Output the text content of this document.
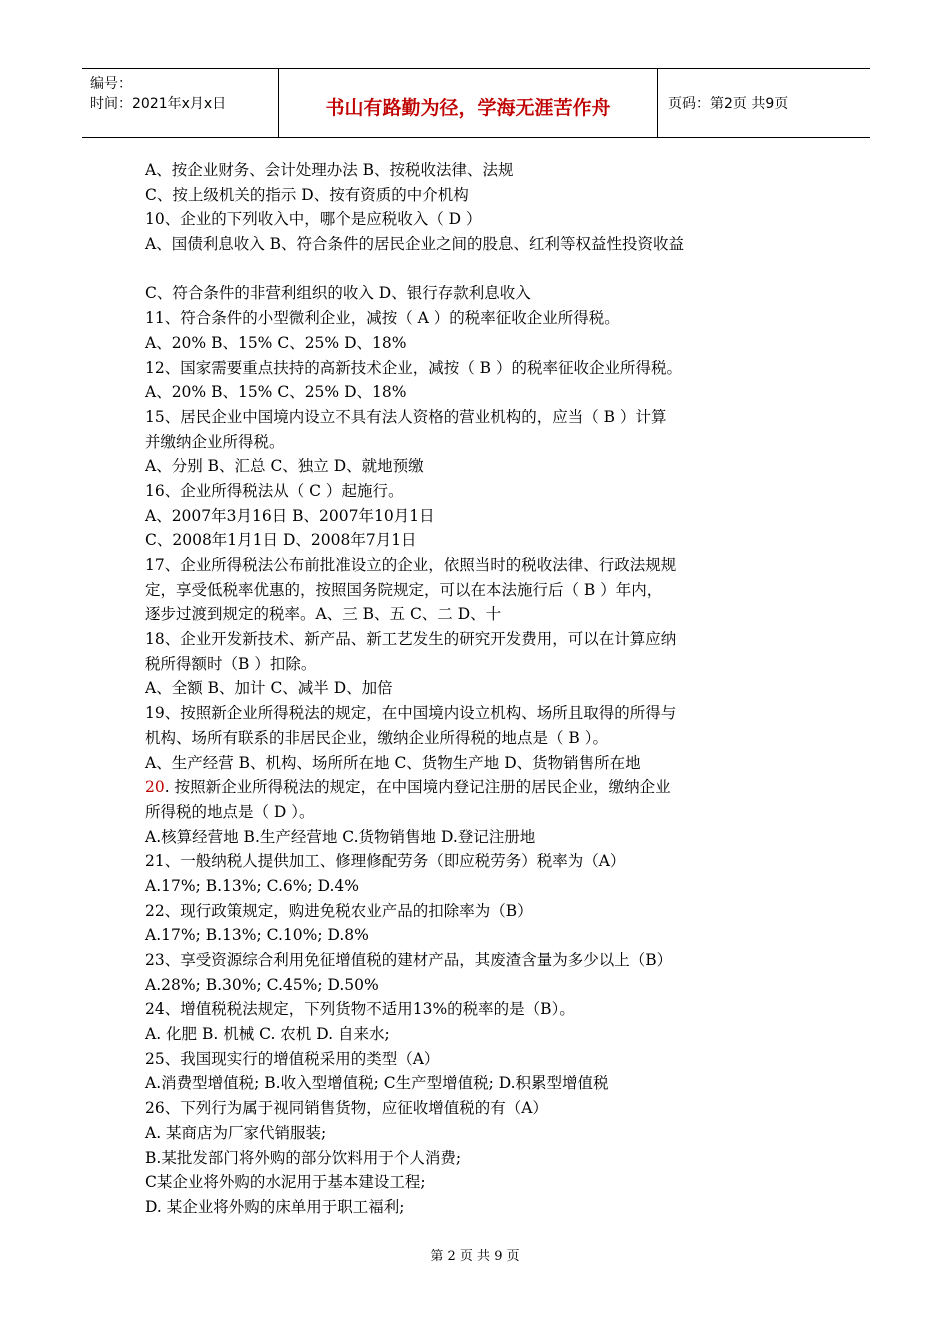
编号：
时间：2021年x月x日	书山有路勤为径，学海无涯苦作舟	页码：第2页 共9页
A、按企业财务、会计处理办法 B、按税收法律、法规
C、按上级机关的指示 D、按有资质的中介机构
10、企业的下列收入中，哪个是应税收入（ D ）
A、国债利息收入 B、符合条件的居民企业之间的股息、红利等权益性投资收益
C、符合条件的非营利组织的收入 D、银行存款利息收入
11、符合条件的小型微利企业，减按（ A ）的税率征收企业所得税。
A、20% B、15% C、25% D、18%
12、国家需要重点扶持的高新技术企业，减按（ B ）的税率征收企业所得税。
A、20% B、15% C、25% D、18%
15、居民企业中国境内设立不具有法人资格的营业机构的，应当（ B ）计算
并缴纳企业所得税。
A、分别 B、汇总 C、独立 D、就地预缴
16、企业所得税法从（ C ）起施行。
A、2007年3月16日 B、2007年10月1日
C、2008年1月1日 D、2008年7月1日
17、企业所得税法公布前批准设立的企业，依照当时的税收法律、行政法规规
定，享受低税率优惠的，按照国务院规定，可以在本法施行后（ B ）年内，
逐步过渡到规定的税率。A、三 B、五 C、二 D、十
18、企业开发新技术、新产品、新工艺发生的研究开发费用，可以在计算应纳
税所得额时（B ）扣除。
A、全额 B、加计 C、减半 D、加倍
19、按照新企业所得税法的规定，在中国境内设立机构、场所且取得的所得与
机构、场所有联系的非居民企业，缴纳企业所得税的地点是（ B ）。
A、生产经营 B、机构、场所所在地 C、货物生产地 D、货物销售所在地
20. 按照新企业所得税法的规定，在中国境内登记注册的居民企业，缴纳企业
所得税的地点是（ D ）。
A.核算经营地 B.生产经营地 C.货物销售地 D.登记注册地
21、一般纳税人提供加工、修理修配劳务（即应税劳务）税率为（A）
A.17%; B.13%; C.6%; D.4%
22、现行政策规定，购进免税农业产品的扣除率为（B）
A.17%; B.13%; C.10%; D.8%
23、享受资源综合利用免征增值税的建材产品，其废渣含量为多少以上（B）
A.28%; B.30%; C.45%; D.50%
24、增值税税法规定，下列货物不适用13%的税率的是（B）。
A. 化肥 B. 机械 C. 农机 D. 自来水;
25、我国现实行的增值税采用的类型（A）
A.消费型增值税; B.收入型增值税; C生产型增值税; D.积累型增值税
26、下列行为属于视同销售货物，应征收增值税的有（A）
A. 某商店为厂家代销服装;
B.某批发部门将外购的部分饮料用于个人消费;
C某企业将外购的水泥用于基本建设工程;
D. 某企业将外购的床单用于职工福利;
第 2 页 共 9 页
